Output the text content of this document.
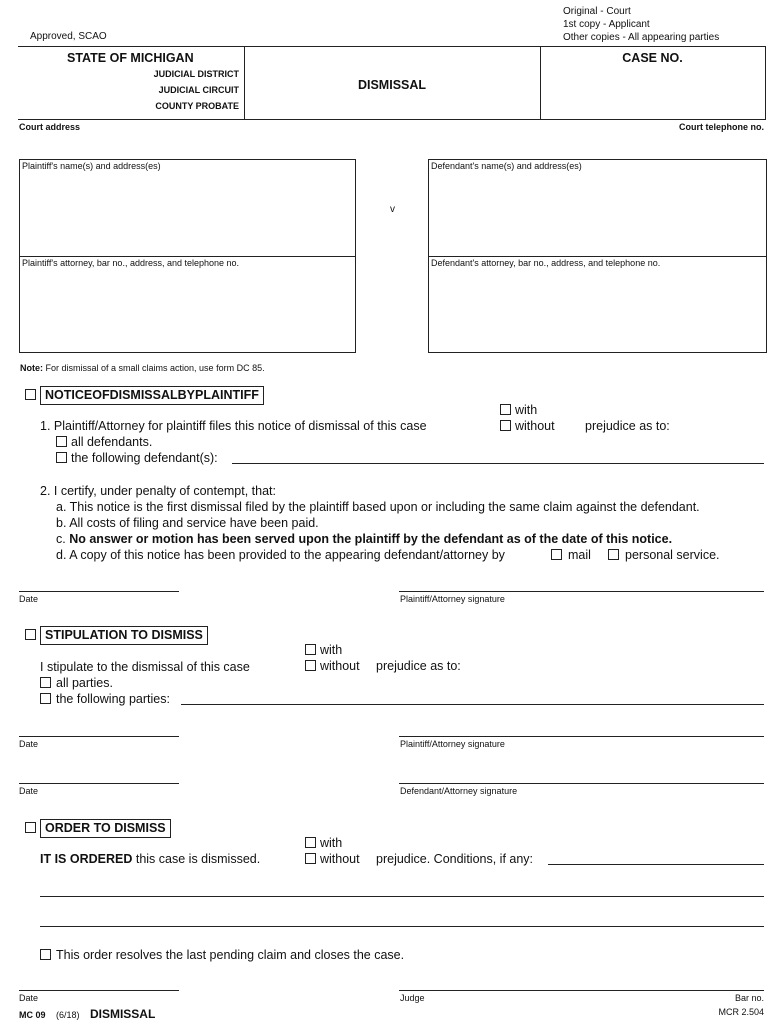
Original - Court
1st copy - Applicant
Other copies - All appearing parties
Approved, SCAO
STATE OF MICHIGAN
JUDICIAL DISTRICT
JUDICIAL CIRCUIT
COUNTY PROBATE
DISMISSAL
CASE NO.
Court address	Court telephone no.
Plaintiff's name(s) and address(es)
Plaintiff's attorney, bar no., address, and telephone no.
v
Defendant's name(s) and address(es)
Defendant's attorney, bar no., address, and telephone no.
Note: For dismissal of a small claims action, use form DC 85.
NOTICEOFDISMISSALBYPLAINTIFF
with
without prejudice as to:
1. Plaintiff/Attorney for plaintiff files this notice of dismissal of this case
all defendants.
the following defendant(s):
2. I certify, under penalty of contempt, that:
a. This notice is the first dismissal filed by the plaintiff based upon or including the same claim against the defendant.
b. All costs of filing and service have been paid.
c. No answer or motion has been served upon the plaintiff by the defendant as of the date of this notice.
d. A copy of this notice has been provided to the appearing defendant/attorney by	mail	personal service.
Date	Plaintiff/Attorney signature
STIPULATION TO DISMISS
with
without prejudice as to:
I stipulate to the dismissal of this case
all parties.
the following parties:
Date	Plaintiff/Attorney signature
Date	Defendant/Attorney signature
ORDER TO DISMISS
with
without prejudice. Conditions, if any:
IT IS ORDERED this case is dismissed.
This order resolves the last pending claim and closes the case.
Date	Judge	Bar no.
MC 09 (6/18) DISMISSAL	MCR 2.504
